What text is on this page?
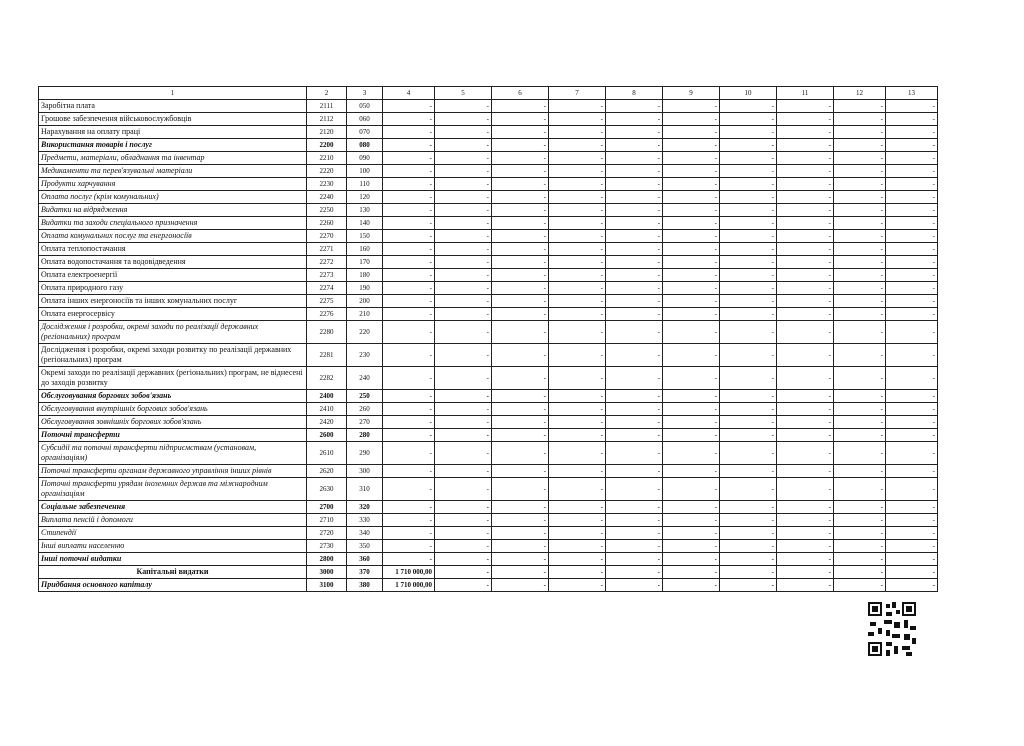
1	2	3	4	5	6	7	8	9	10	11	12	13
Заробітна плата	2111	050	-	-	-	-	-	-	-	-	-	-
Грошове забезпечення військовослужбовців	2112	060	-	-	-	-	-	-	-	-	-	-
Нарахування на оплату праці	2120	070	-	-	-	-	-	-	-	-	-	-
Використання товарів і послуг	2200	080	-	-	-	-	-	-	-	-	-	-
Предмети, матеріали, обладнання та інвентар	2210	090	-	-	-	-	-	-	-	-	-	-
Медикаменти та перев'язувальні матеріали	2220	100	-	-	-	-	-	-	-	-	-	-
Продукти харчування	2230	110	-	-	-	-	-	-	-	-	-	-
Оплата послуг (крім комунальних)	2240	120	-	-	-	-	-	-	-	-	-	-
Видатки на відрядження	2250	130	-	-	-	-	-	-	-	-	-	-
Видатки та заходи спеціального призначення	2260	140	-	-	-	-	-	-	-	-	-	-
Оплата комунальних послуг та енергоносіїв	2270	150	-	-	-	-	-	-	-	-	-	-
Оплата теплопостачання	2271	160	-	-	-	-	-	-	-	-	-	-
Оплата водопостачання та водовідведення	2272	170	-	-	-	-	-	-	-	-	-	-
Оплата електроенергії	2273	180	-	-	-	-	-	-	-	-	-	-
Оплата природного газу	2274	190	-	-	-	-	-	-	-	-	-	-
Оплата інших енергоносіїв та інших комунальних послуг	2275	200	-	-	-	-	-	-	-	-	-	-
Оплата енергосервісу	2276	210	-	-	-	-	-	-	-	-	-	-
Дослідження і розробки, окремі заходи по реалізації державних (регіональних) програм	2280	220	-	-	-	-	-	-	-	-	-	-
Дослідження і розробки, окремі заходи розвитку по реалізації державних (регіональних) програм	2281	230	-	-	-	-	-	-	-	-	-	-
Окремі заходи по реалізації державних (регіональних) програм, не віднесені до заходів розвитку	2282	240	-	-	-	-	-	-	-	-	-	-
Обслуговування боргових зобов'язань	2400	250	-	-	-	-	-	-	-	-	-	-
Обслуговування внутрішніх боргових зобов'язань	2410	260	-	-	-	-	-	-	-	-	-	-
Обслуговування зовнішніх боргових зобов'язань	2420	270	-	-	-	-	-	-	-	-	-	-
Поточні трансферти	2600	280	-	-	-	-	-	-	-	-	-	-
Субсидії та поточні трансферти підприємствам (установам, організаціям)	2610	290	-	-	-	-	-	-	-	-	-	-
Поточні трансферти органам державного управління інших рівнів	2620	300	-	-	-	-	-	-	-	-	-	-
Поточні трансферти урядам іноземних держав та міжнародним організаціям	2630	310	-	-	-	-	-	-	-	-	-	-
Соціальне забезпечення	2700	320	-	-	-	-	-	-	-	-	-	-
Виплата пенсій і допомоги	2710	330	-	-	-	-	-	-	-	-	-	-
Стипендії	2720	340	-	-	-	-	-	-	-	-	-	-
Інші виплати населенню	2730	350	-	-	-	-	-	-	-	-	-	-
Інші поточні видатки	2800	360	-	-	-	-	-	-	-	-	-	-
Капітальні видатки	3000	370	1 710 000,00	-	-	-	-	-	-	-	-	-
Придбання основного капіталу	3100	380	1 710 000,00	-	-	-	-	-	-	-	-	-
